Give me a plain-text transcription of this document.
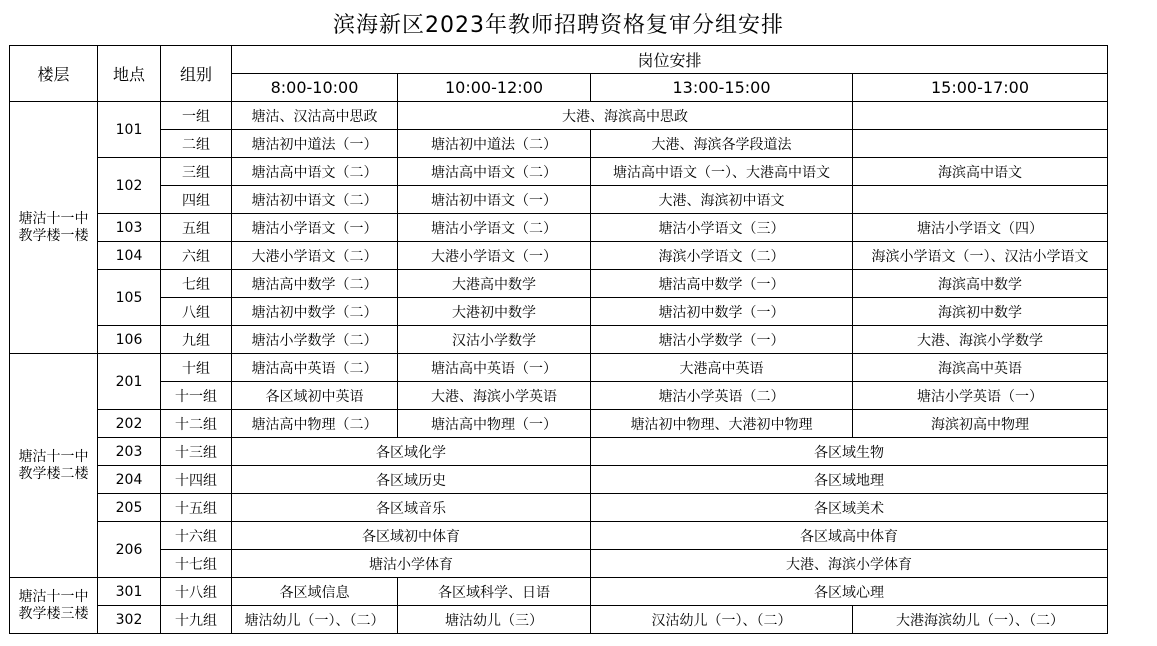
滨海新区2023年教师招聘资格复审分组安排
楼层	地点	组别	岗位安排			
			8:00-10:00	10:00-12:00	13:00-15:00	15:00-17:00
塘沽十一中
教学楼一楼	101	一组	塘沽、汉沽高中思政	大港、海滨高中思政		
		二组	塘沽初中道法（一）	塘沽初中道法（二）	大港、海滨各学段道法	
	102	三组	塘沽高中语文（二）	塘沽高中语文（二）	塘沽高中语文（一）、大港高中语文	海滨高中语文
		四组	塘沽初中语文（二）	塘沽初中语文（一）	大港、海滨初中语文	
	103	五组	塘沽小学语文（一）	塘沽小学语文（二）	塘沽小学语文（三）	塘沽小学语文（四）
	104	六组	大港小学语文（二）	大港小学语文（一）	海滨小学语文（二）	海滨小学语文（一）、汉沽小学语文
	105	七组	塘沽高中数学（二）	大港高中数学	塘沽高中数学（一）	海滨高中数学
		八组	塘沽初中数学（二）	大港初中数学	塘沽初中数学（一）	海滨初中数学
	106	九组	塘沽小学数学（二）	汉沽小学数学	塘沽小学数学（一）	大港、海滨小学数学
塘沽十一中
教学楼二楼	201	十组	塘沽高中英语（二）	塘沽高中英语（一）	大港高中英语	海滨高中英语
		十一组	各区域初中英语	大港、海滨小学英语	塘沽小学英语（二）	塘沽小学英语（一）
	202	十二组	塘沽高中物理（二）	塘沽高中物理（一）	塘沽初中物理、大港初中物理	海滨初高中物理
	203	十三组	各区域化学		各区域生物	
	204	十四组	各区域历史		各区域地理	
	205	十五组	各区域音乐		各区域美术	
	206	十六组	各区域初中体育		各区域高中体育	
		十七组	塘沽小学体育		大港、海滨小学体育	
塘沽十一中
教学楼三楼	301	十八组	各区域信息	各区域科学、日语	各区域心理	
	302	十九组	塘沽幼儿（一）、（二）	塘沽幼儿（三）	汉沽幼儿（一）、（二）	大港海滨幼儿（一）、（二）
